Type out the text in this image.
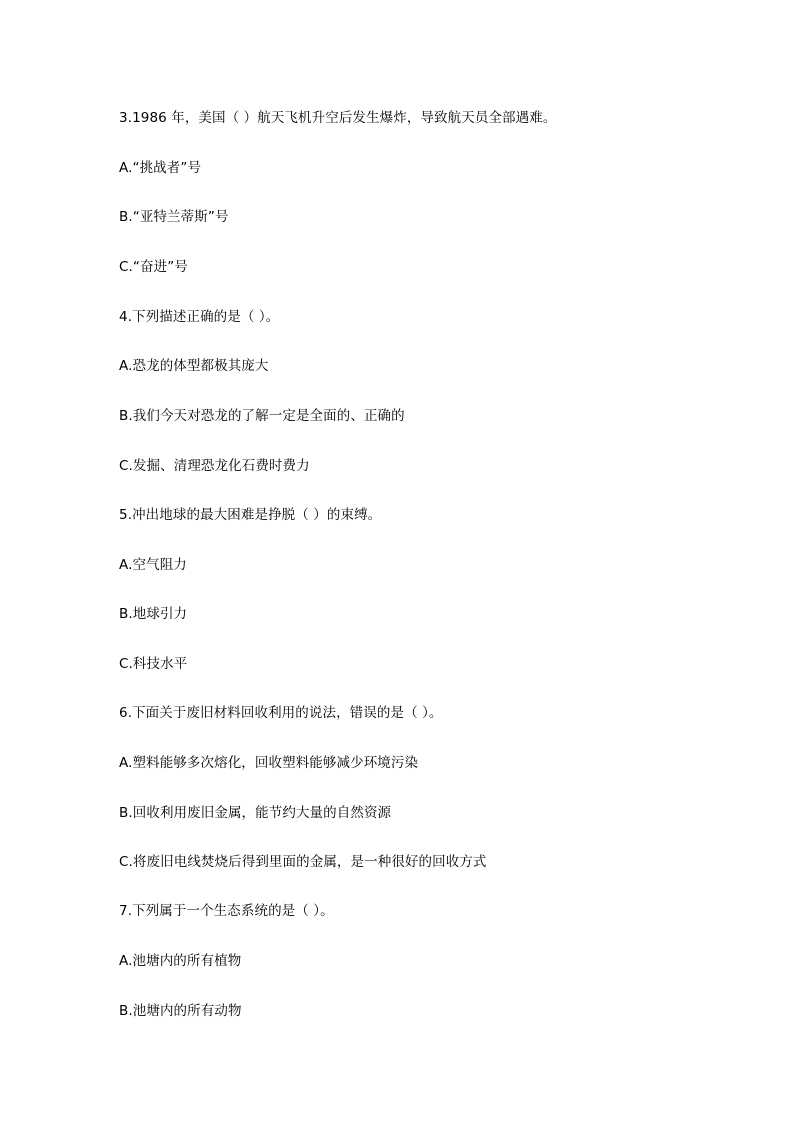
3.1986 年，美国（ ）航天飞机升空后发生爆炸，导致航天员全部遇难。
A.“挑战者”号
B.“亚特兰蒂斯”号
C.“奋进”号
4.下列描述正确的是（ ）。
A.恐龙的体型都极其庞大
B.我们今天对恐龙的了解一定是全面的、正确的
C.发掘、清理恐龙化石费时费力
5.冲出地球的最大困难是挣脱（ ）的束缚。
A.空气阻力
B.地球引力
C.科技水平
6.下面关于废旧材料回收利用的说法，错误的是（ ）。
A.塑料能够多次熔化，回收塑料能够减少环境污染
B.回收利用废旧金属，能节约大量的自然资源
C.将废旧电线焚烧后得到里面的金属，是一种很好的回收方式
7.下列属于一个生态系统的是（ ）。
A.池塘内的所有植物
B.池塘内的所有动物
